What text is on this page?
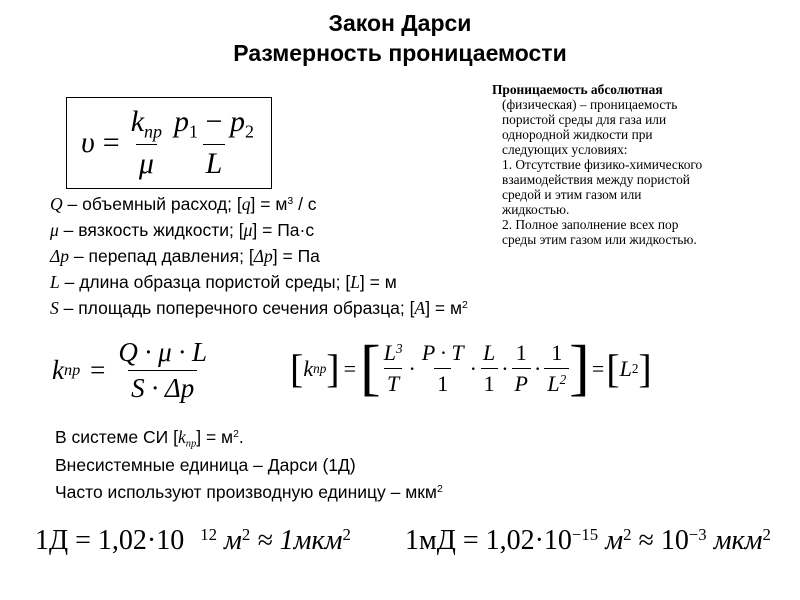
Закон Дарси
Размерность проницаемости
$\upsilon = \frac{k_{пр}}{\mu} \frac{p_1 - p_2}{L}$
Проницаемость абсолютная
(физическая) – проницаемость
пористой среды для газа или
однородной жидкости при
следующих условиях:
1. Отсутствие физико-химического
взаимодействия между пористой
средой и этим газом или
жидкостью.
2. Полное заполнение всех пор
среды этим газом или жидкостью.
Q – объемный расход; $[q] = м^3 / с$
μ – вязкость жидкости; [μ] = Па·с
Δp – перепад давления; [Δp] = Па
L – длина образца пористой среды; [L] = м
S – площадь поперечного сечения образца; $[A] = м^2$
k пр = $\frac{Q \cdot \mu \cdot L}{S \cdot \Delta p}$ [ k пр ] = [ $\frac{L^3}{T} \cdot \frac{P \cdot T}{1} \cdot \frac{L}{1} \cdot \frac{1}{P} \cdot \frac{1}{L^2}$ ] = [ L 2 ]
В системе СИ $[k_{пр}] = м^2$.
Внесистемные единица – Дарси (1Д)
Часто используют производную единицу – мкм$^2$
1Д = 1,02·10 $^{12}$ $м^2 \approx 1мкм^2$ $1мД = 1,02\cdot 10^{-15}$ $м^2 \approx 10^{-3}$ мкм$^2$
